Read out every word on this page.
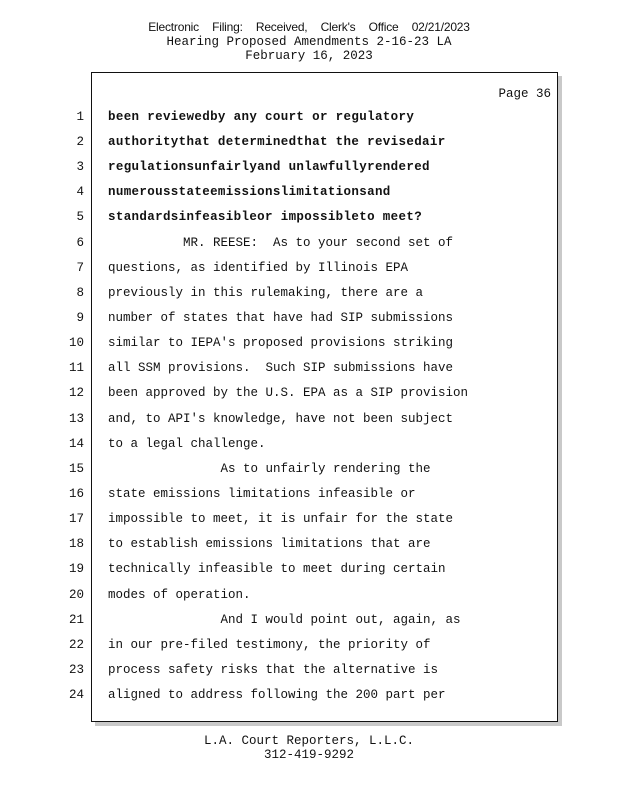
Electronic Filing: Received, Clerk's Office 02/21/2023
Hearing Proposed Amendments 2-16-23 LA
February 16, 2023
Page 36
1
2
3
4
5
6
7
8
9
10
11
12
13
14
15
16
17
18
19
20
21
22
23
24
been reviewedby any court or regulatory
authoritythat determinedthat the revisedair
regulationsunfairlyand unlawfullyrendered
numerousstateemissionslimitationsand
standardsinfeasibleor impossibleto meet?
MR. REESE:  As to your second set of
questions, as identified by Illinois EPA
previously in this rulemaking, there are a
number of states that have had SIP submissions
similar to IEPA's proposed provisions striking
all SSM provisions.  Such SIP submissions have
been approved by the U.S. EPA as a SIP provision
and, to API's knowledge, have not been subject
to a legal challenge.
As to unfairly rendering the
state emissions limitations infeasible or
impossible to meet, it is unfair for the state
to establish emissions limitations that are
technically infeasible to meet during certain
modes of operation.
And I would point out, again, as
in our pre-filed testimony, the priority of
process safety risks that the alternative is
aligned to address following the 200 part per
L.A. Court Reporters, L.L.C.
312-419-9292
